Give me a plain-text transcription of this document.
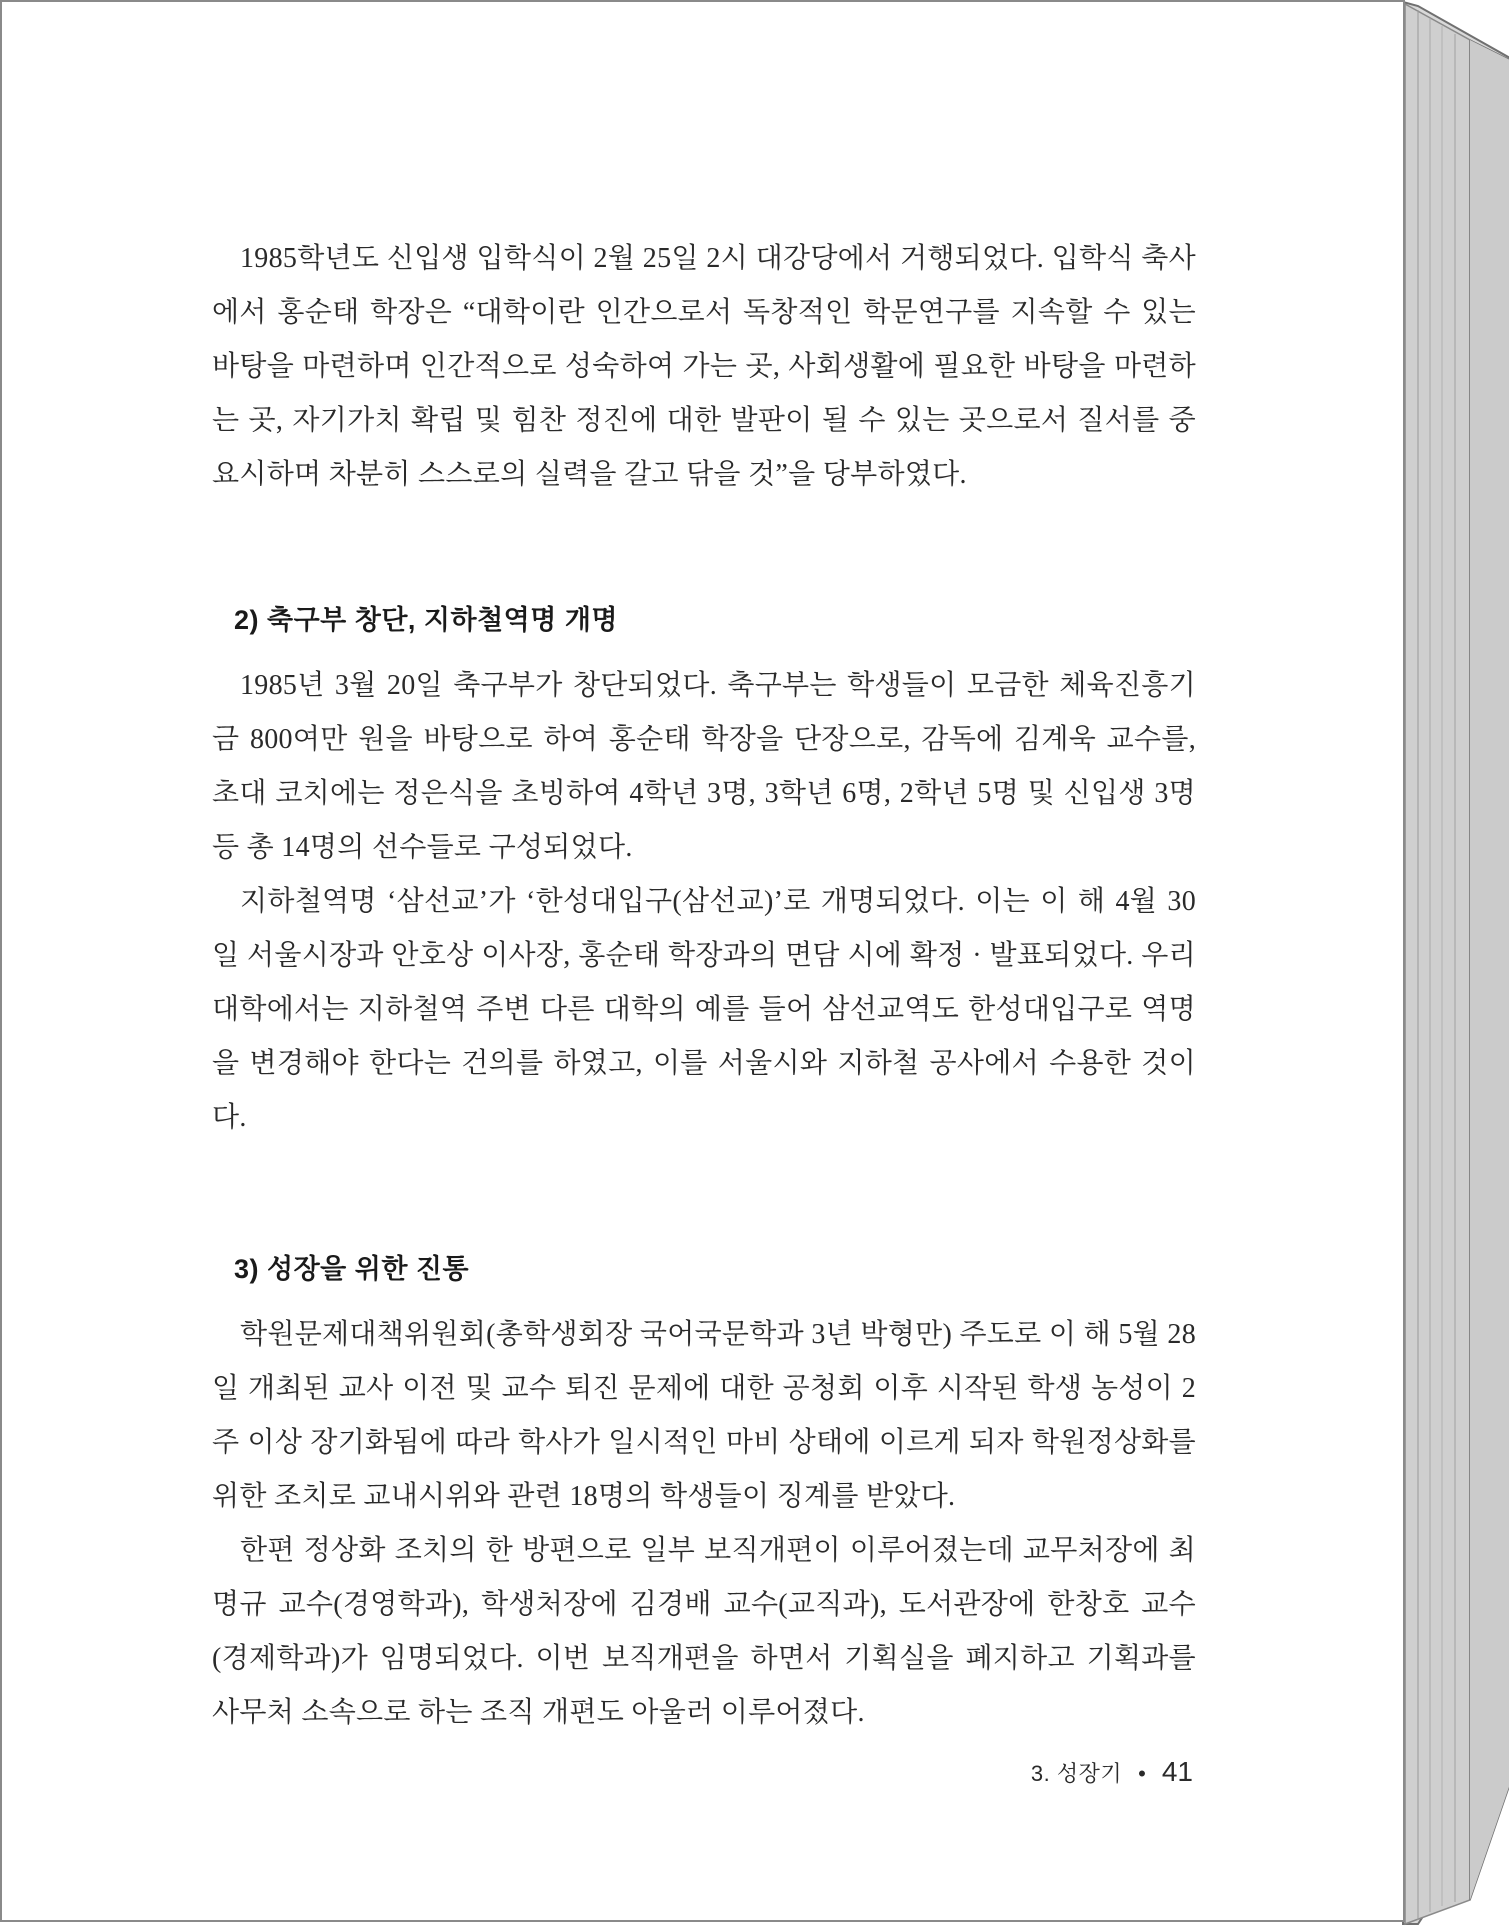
1985학년도 신입생 입학식이 2월 25일 2시 대강당에서 거행되었다. 입학식 축사에서 홍순태 학장은 “대학이란 인간으로서 독창적인 학문연구를 지속할 수 있는 바탕을 마련하며 인간적으로 성숙하여 가는 곳, 사회생활에 필요한 바탕을 마련하는 곳, 자기가치 확립 및 힘찬 정진에 대한 발판이 될 수 있는 곳으로서 질서를 중요시하며 차분히 스스로의 실력을 갈고 닦을 것”을 당부하였다.

2) 축구부 창단, 지하철역명 개명

1985년 3월 20일 축구부가 창단되었다. 축구부는 학생들이 모금한 체육진흥기금 800여만 원을 바탕으로 하여 홍순태 학장을 단장으로, 감독에 김계욱 교수를, 초대 코치에는 정은식을 초빙하여 4학년 3명, 3학년 6명, 2학년 5명 및 신입생 3명 등 총 14명의 선수들로 구성되었다.

지하철역명 ‘삼선교’가 ‘한성대입구(삼선교)’로 개명되었다. 이는 이 해 4월 30일 서울시장과 안호상 이사장, 홍순태 학장과의 면담 시에 확정 · 발표되었다. 우리 대학에서는 지하철역 주변 다른 대학의 예를 들어 삼선교역도 한성대입구로 역명을 변경해야 한다는 건의를 하였고, 이를 서울시와 지하철 공사에서 수용한 것이다.

3) 성장을 위한 진통

학원문제대책위원회(총학생회장 국어국문학과 3년 박형만) 주도로 이 해 5월 28일 개최된 교사 이전 및 교수 퇴진 문제에 대한 공청회 이후 시작된 학생 농성이 2주 이상 장기화됨에 따라 학사가 일시적인 마비 상태에 이르게 되자 학원정상화를 위한 조치로 교내시위와 관련 18명의 학생들이 징계를 받았다.

한편 정상화 조치의 한 방편으로 일부 보직개편이 이루어졌는데 교무처장에 최명규 교수(경영학과), 학생처장에 김경배 교수(교직과), 도서관장에 한창호 교수(경제학과)가 임명되었다. 이번 보직개편을 하면서 기획실을 폐지하고 기획과를 사무처 소속으로 하는 조직 개편도 아울러 이루어졌다.

3. 성장기 • 41
